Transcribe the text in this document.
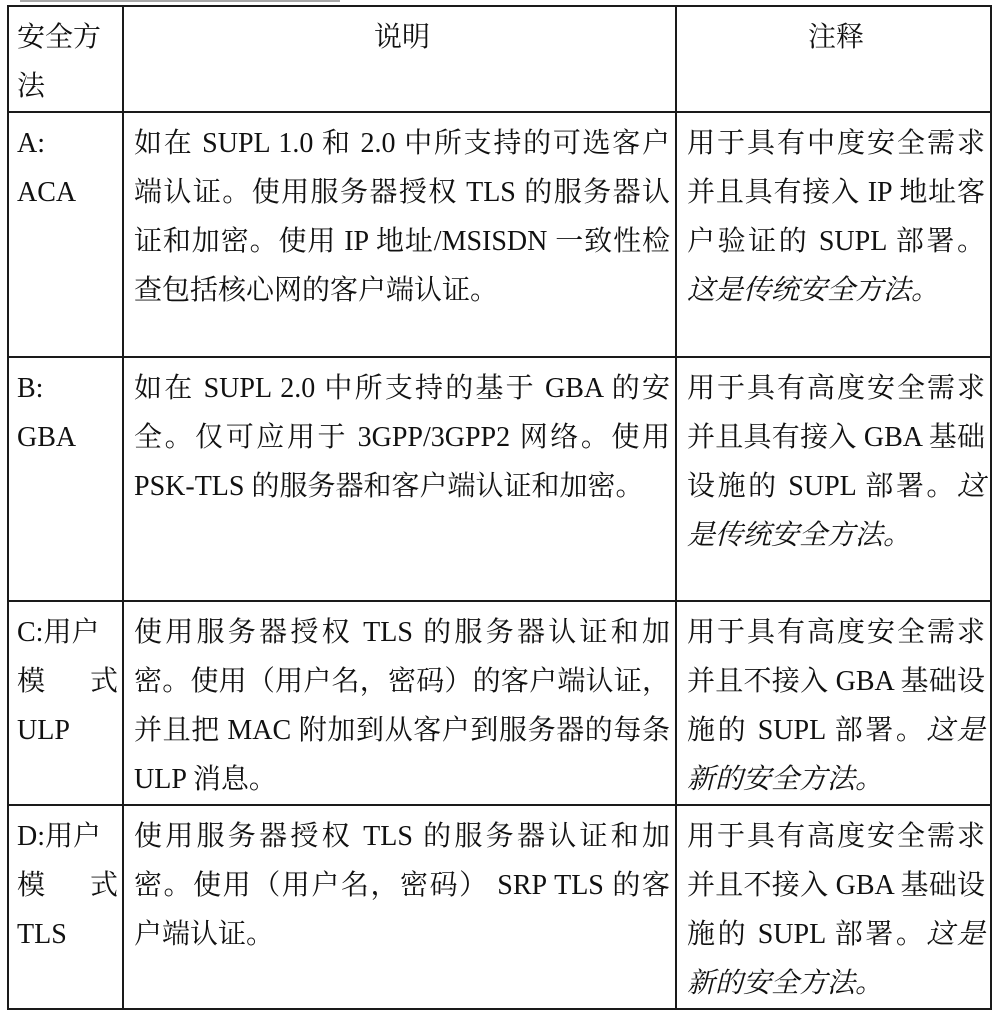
安全方法	说明	注释

A:
ACA	如在 SUPL 1.0 和 2.0 中所支持的可选客户端认证。使用服务器授权 TLS 的服务器认证和加密。使用 IP 地址/MSISDN 一致性检查包括核心网的客户端认证。	用于具有中度安全需求并且具有接入 IP 地址客户验证的 SUPL 部署。这是传统安全方法。

B:
GBA	如在 SUPL 2.0 中所支持的基于 GBA 的安全。仅可应用于 3GPP/3GPP2 网络。使用 PSK-TLS 的服务器和客户端认证和加密。	用于具有高度安全需求并且具有接入 GBA 基础设施的 SUPL 部署。这是传统安全方法。

C:用户
模 式
ULP	使用服务器授权 TLS 的服务器认证和加密。使用（用户名，密码）的客户端认证，并且把 MAC 附加到从客户到服务器的每条 ULP 消息。	用于具有高度安全需求并且不接入 GBA 基础设施的 SUPL 部署。这是新的安全方法。

D:用户
模 式
TLS	使用服务器授权 TLS 的服务器认证和加密。使用（用户名，密码） SRP TLS 的客户端认证。	用于具有高度安全需求并且不接入 GBA 基础设施的 SUPL 部署。这是新的安全方法。
